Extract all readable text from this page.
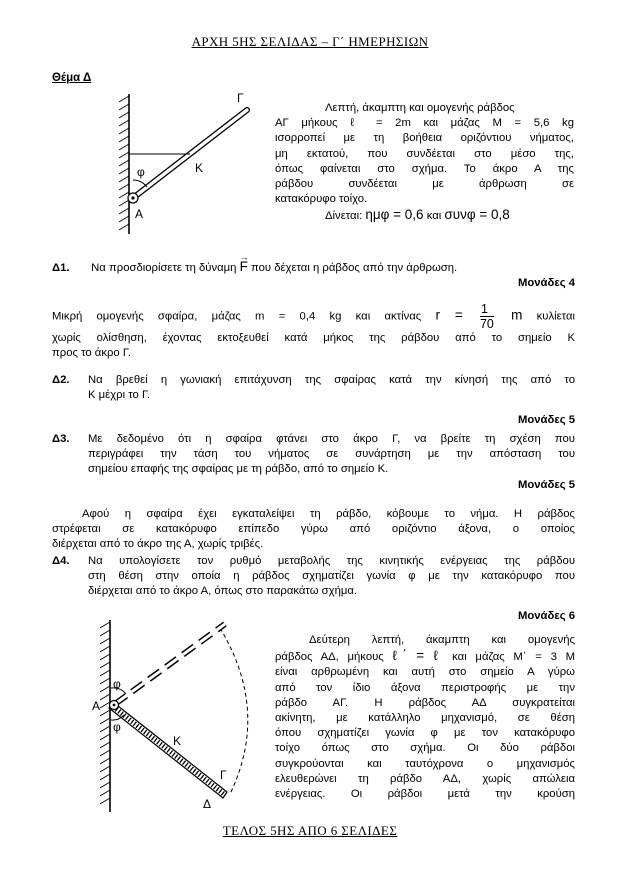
ΑΡΧΗ 5ΗΣ ΣΕΛΙΔΑΣ – Γ΄ ΗΜΕΡΗΣΙΩΝ
Θέμα Δ
Γ
Κ
φ
Α
Λεπτή, άκαμπτη και ομογενής ράβδος
ΑΓ μήκους ℓ = 2m και μάζας Μ = 5,6 kg
ισορροπεί με τη βοήθεια οριζόντιου νήματος,
μη εκτατού, που συνδέεται στο μέσο της,
όπως φαίνεται στο σχήμα. Το άκρο Α της
ράβδου συνδέεται με άρθρωση σε
κατακόρυφο τοίχο.
Δίνεται: ημφ = 0,6 και συνφ = 0,8
Δ1. Να προσδιορίσετε τη δύναμη F
→
που δέχεται η ράβδος από την άρθρωση.
Μονάδες 4
Μικρή ομογενής σφαίρα, μάζας m = 0,4 kg και ακτίνας $r = \frac{1}{70}$ m κυλίεται
χωρίς ολίσθηση, έχοντας εκτοξευθεί κατά μήκος της ράβδου από το σημείο Κ
προς το άκρο Γ.
Δ2.	Να βρεθεί η γωνιακή επιτάχυνση της σφαίρας κατά την κίνησή της από το
Κ μέχρι το Γ.
Μονάδες 5
Δ3.	Με δεδομένο ότι η σφαίρα φτάνει στο άκρο Γ, να βρείτε τη σχέση που
περιγράφει την τάση του νήματος σε συνάρτηση με την απόσταση του
σημείου επαφής της σφαίρας με τη ράβδο, από το σημείο Κ.
Μονάδες 5
Αφού η σφαίρα έχει εγκαταλείψει τη ράβδο, κόβουμε το νήμα. Η ράβδος
στρέφεται σε κατακόρυφο επίπεδο γύρω από οριζόντιο άξονα, ο οποίος
διέρχεται από το άκρο της Α, χωρίς τριβές.
Δ4.	Να υπολογίσετε τον ρυθμό μεταβολής της κινητικής ενέργειας της ράβδου
στη θέση στην οποία η ράβδος σχηματίζει γωνία φ με την κατακόρυφο που
διέρχεται από το άκρο Α, όπως στο παρακάτω σχήμα.
Μονάδες 6
φ
Α
φ
Κ
Γ
Δ
Δεύτερη λεπτή, άκαμπτη και ομογενής
ράβδος ΑΔ, μήκους ℓ΄ = ℓ και μάζας Μ΄ = 3 Μ
είναι αρθρωμένη και αυτή στο σημείο Α γύρω
από τον ίδιο άξονα περιστροφής με την
ράβδο ΑΓ. Η ράβδος ΑΔ συγκρατείται
ακίνητη, με κατάλληλο μηχανισμό, σε θέση
όπου σχηματίζει γωνία φ με τον κατακόρυφο
τοίχο όπως στο σχήμα. Οι δύο ράβδοι
συγκρούονται και ταυτόχρονα ο μηχανισμός
ελευθερώνει τη ράβδο ΑΔ, χωρίς απώλεια
ενέργειας. Οι ράβδοι μετά την κρούση
ΤΕΛΟΣ 5ΗΣ ΑΠΟ 6 ΣΕΛΙΔΕΣ
